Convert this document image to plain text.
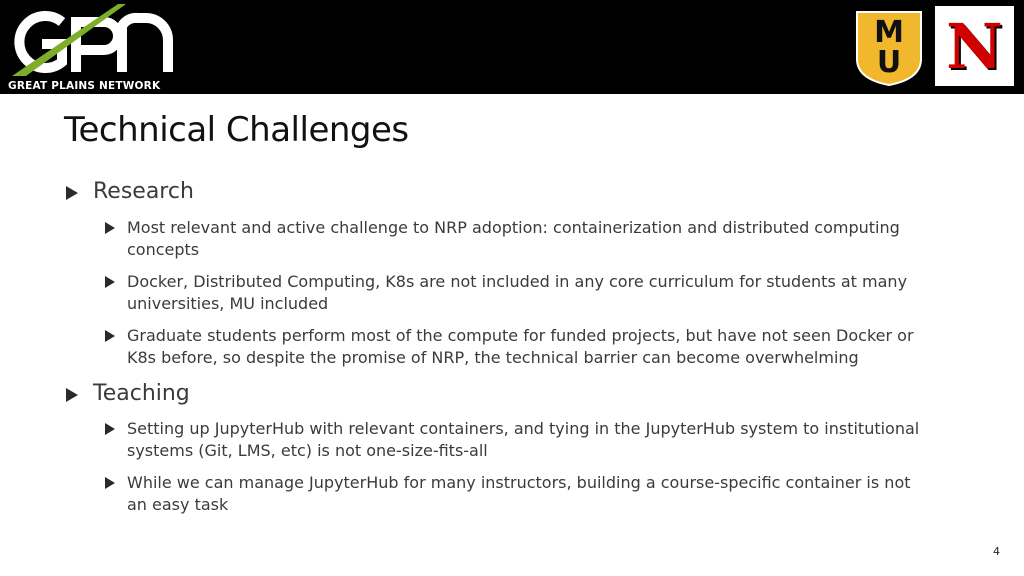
GREAT PLAINS NETWORK
M
U N
Technical Challenges
Research
Most relevant and active challenge to NRP adoption: containerization and distributed computing concepts
Docker, Distributed Computing, K8s are not included in any core curriculum for students at many universities, MU included
Graduate students perform most of the compute for funded projects, but have not seen Docker or K8s before, so despite the promise of NRP, the technical barrier can become overwhelming
Teaching
Setting up JupyterHub with relevant containers, and tying in the JupyterHub system to institutional systems (Git, LMS, etc) is not one-size-fits-all
While we can manage JupyterHub for many instructors, building a course-specific container is not an easy task
4
